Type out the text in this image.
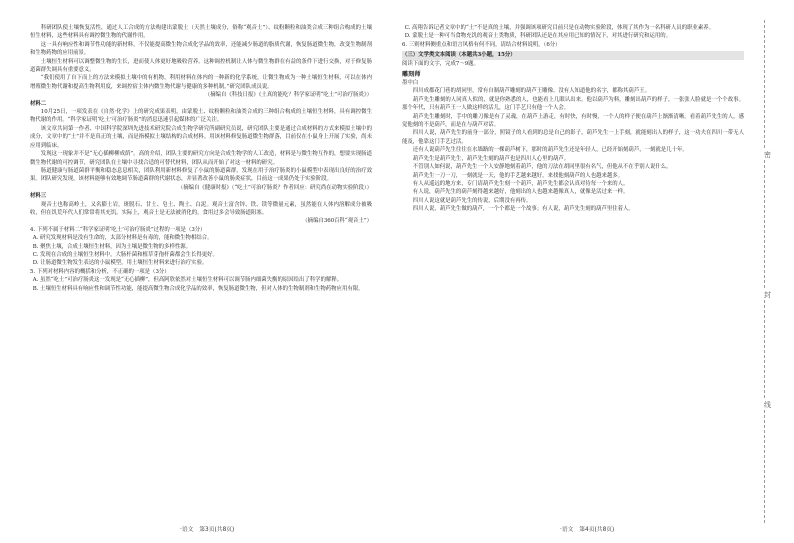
科研团队使土壤恢复活性，通过人工合成的方法构建出蒙脱土（天然土壤成分，俗称“观音土”）、纹粉颗粒和油类合成三种组合构成的土壤恒生材料，这些材料具有调控微生物的代谢作用。

这一具有响应性和调节性功能的新材料，不仅能提高微生物合成化学品的效率，还能减少肠道的脂质代谢，恢复肠道微生物，改变生物制剂和生物药物的应用前景。

土壤恒生材料可以调整微生物的生长，进而使人体更好地吸收营养。这种调控机制让人体与微生物群在有益的条件下进行交换，对于修复肠道菌群失调具有重要意义。

“我们使用了自下而上的方法来模拟土壤中的有机物，利用材料在体内的一种新的化学系统，让微生物成为一种土壤恒生材料，可以在体内增殖微生物代谢和提高生物利用度，来调控宿主体内微生物代谢与健康的多种机制。”研究团队成员说。

（摘编自《科技日报》《土真的能吃？科学家证明“吃土”可治疗肠炎》）

材料二

10月25日，一项发表在《自然·化学》上的研究成果表明，由蒙脱土、纹粉颗粒和油类合成的三种组合构成的土壤恒生材料，具有调控微生物代谢的作用。“科学家证明‘吃土’可治疗肠炎”的消息迅速引起媒体的广泛关注。

该文章共同第一作者、中国科学院深圳先进技术研究院合成生物学研究所副研究员说，研究团队主要是通过合成材料的方式来模拟土壤中的成分，文章中的“土”并不是真正的土壤，而是指模拟土壤结构的合成材料。用该材料修复肠道微生物群落，目前仅在小鼠身上开展了实验，尚未应用到临床。

发现这一现象并不是“无心插柳柳成荫”。高的介绍，团队主要的研究方向是合成生物学的人工改造，材料是与微生物互作的，想要实现肠道微生物代谢的可控调节，研究团队在土壤中寻找合适的可替代材料，团队从而开始了对这一材料的研究。

肠道健康与肠道菌群平衡和稳态息息相关，团队利用新材料修复了小鼠的肠道菌群，发现在用于治疗肠炎的小鼠模型中表现出良好的治疗效果。团队研究发现，该材料能够有效地调节肠道菌群的代谢状态，并显著改善小鼠的肠炎症状，目前这一成果仍处于实验阶段。

（摘编自《健康时报》（“吃土”可治疗肠炎？作者回应：研究尚在动物实验阶段））

材料三

观音土也称高岭土，又名膨土岩，斑脱石、甘土、皂土、陶土、白泥。观音土富含锌、铁、镁等微量元素，虽然能在人体内溶解成分被吸收，但在饥荒年代人们常常将其充饥。实际上，观音土是无法被消化的，食用过多会导致肠道阻塞。

（摘编自360百科“观音土”）

4. 下列不属于材料二“科学家证明‘吃土’可治疗肠炎”过程的一项是（3分）

A. 研究发现材料是没有生命的，太部分材料是有毒的，能和微生物相结合。

B. 聚焦土壤，合成土壤恒生材料，因为土壤是微生物的多样性源。

C. 发现在合成的土壤恒生材料中，大肠杆菌和植草芽孢杆菌都会生长得更好。

D. 让肠道微生物发生表达的小鼠模型，用土壤恒生材料来进行治疗实验。

5. 下列对材料内容的概括和分析，不正确的一项是（3分）

A. 虽然“吃土”可治疗肠炎这一发现是“无心插柳”，但高阿欣依然对土壤恒生材料可以调节肠内细菌失衡的原因给出了科学的解释。

B. 土壤恒生材料具有响应性和调节性功能，能提高微生物合成化学品的效率，恢复肠道微生物，但对人体的生物制剂和生物药物应用有限。

C. 高翔告诉记者文章中的“土”不是真的土壤，并强调该项研究目前只是在动物实验阶段，体现了其作为一名科研人员的职业素养。

D. 蒙脱土是一种可当食物充饥的观音土类物质，科研团队还是在其应用已知的情况下，对其进行研究和运用的。

6. 三则材料侧重点和语言风格有何不同，请结合材料说明。（6分）

（三）文学类文本阅读（本题共3小题，15分）

阅读下面的文字，完成7～9题。

雕刻师

墨中白

四川成都花门巷的胡同里，常有自制葫芦雕刻的葫芦王雕像。没有人知道他的名字，都称其葫芦王。

葫芦先生雕刻的人同真人似的，就是你熟悉的人，也能看上几眼认出来。他以葫芦为料，雕刻出葫芦的样子，一张张人脸就是一个个故事。那个年代，只有葫芦王一人做这样的活儿，这门手艺只有他一个人会。

葫芦先生雕刻时，手中的雕刀像是有了灵魂，在葫芦上游走，有时快，有时慢，一个人的样子便在葫芦上渐渐清晰。看着葫芦先生的人，感觉他刻的不是葫芦，而是在与葫芦对话。

四川人说，葫芦先生的前身一部分，照镜子的人看到的总是自己的影子，葫芦先生一上手刻，就能刻出人的样子，这一功夫在四川一带无人能及，他靠这门手艺过活。

还有人说葫芦先生往往在水墙路的一棵葫芦树下，那时的葫芦先生还是年轻人，已经开始刻葫芦，一刻就是几十年。

葫芦先生是葫芦先生，葫芦先生刻的葫芦也是四川人心里的葫芦。

不管别人如何说，葫芦先生一个人安静地刻着葫芦，他的刀法在胡同里很有名气，但他从不在乎别人说什么。

葫芦先生一刀一刀，一刻就是一天，他的手艺越来越好，来找他刻葫芦的人也越来越多。

有人从遥远的地方来，专门请葫芦先生刻一个葫芦，葫芦先生都会认真对待每一个来的人。

有人说，葫芦先生的葫芦刻得越来越好，他刻出的人也越来越像真人，就像是活过来一样。

四川人说这就是葫芦先生的传说，后期没有再传。

四川人说，葫芦先生做的葫芦，一个个都是一个故事；有人说，葫芦先生刻的葫芦里住着人。

密
封
线
·语文　第3页(共8页)	·语文　第4页(共8页)
